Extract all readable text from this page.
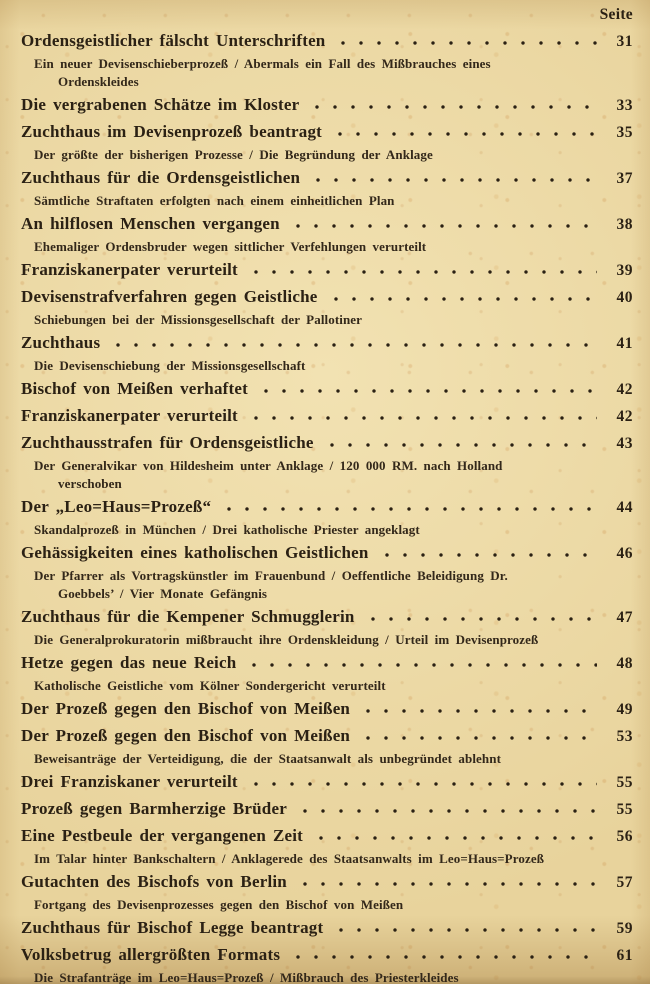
Seite
Ordensgeistlicher fälscht Unterschriften	31
Ein neuer Devisenschieberprozeß / Abermals ein Fall des Mißbrauches eines Ordenskleides
Die vergrabenen Schätze im Kloster	33
Zuchthaus im Devisenprozeß beantragt	35
Der größte der bisherigen Prozesse / Die Begründung der Anklage
Zuchthaus für die Ordensgeistlichen	37
Sämtliche Straftaten erfolgten nach einem einheitlichen Plan
An hilflosen Menschen vergangen	38
Ehemaliger Ordensbruder wegen sittlicher Verfehlungen verurteilt
Franziskanerpater verurteilt	39
Devisenstrafverfahren gegen Geistliche	40
Schiebungen bei der Missionsgesellschaft der Pallotiner
Zuchthaus	41
Die Devisenschiebung der Missionsgesellschaft
Bischof von Meißen verhaftet	42
Franziskanerpater verurteilt	42
Zuchthausstrafen für Ordensgeistliche	43
Der Generalvikar von Hildesheim unter Anklage / 120 000 RM. nach Holland verschoben
Der „Leo=Haus=Prozeß“	44
Skandalprozeß in München / Drei katholische Priester angeklagt
Gehässigkeiten eines katholischen Geistlichen	46
Der Pfarrer als Vortragskünstler im Frauenbund / Oeffentliche Beleidigung Dr. Goebbels’ / Vier Monate Gefängnis
Zuchthaus für die Kempener Schmugglerin	47
Die Generalprokuratorin mißbraucht ihre Ordenskleidung / Urteil im Devisenprozeß
Hetze gegen das neue Reich	48
Katholische Geistliche vom Kölner Sondergericht verurteilt
Der Prozeß gegen den Bischof von Meißen	49
Der Prozeß gegen den Bischof von Meißen	53
Beweisanträge der Verteidigung, die der Staatsanwalt als unbegründet ablehnt
Drei Franziskaner verurteilt	55
Prozeß gegen Barmherzige Brüder	55
Eine Pestbeule der vergangenen Zeit	56
Im Talar hinter Bankschaltern / Anklagerede des Staatsanwalts im Leo=Haus=Prozeß
Gutachten des Bischofs von Berlin	57
Fortgang des Devisenprozesses gegen den Bischof von Meißen
Zuchthaus für Bischof Legge beantragt	59
Volksbetrug allergrößten Formats	61
Die Strafanträge im Leo=Haus=Prozeß / Mißbrauch des Priesterkleides
